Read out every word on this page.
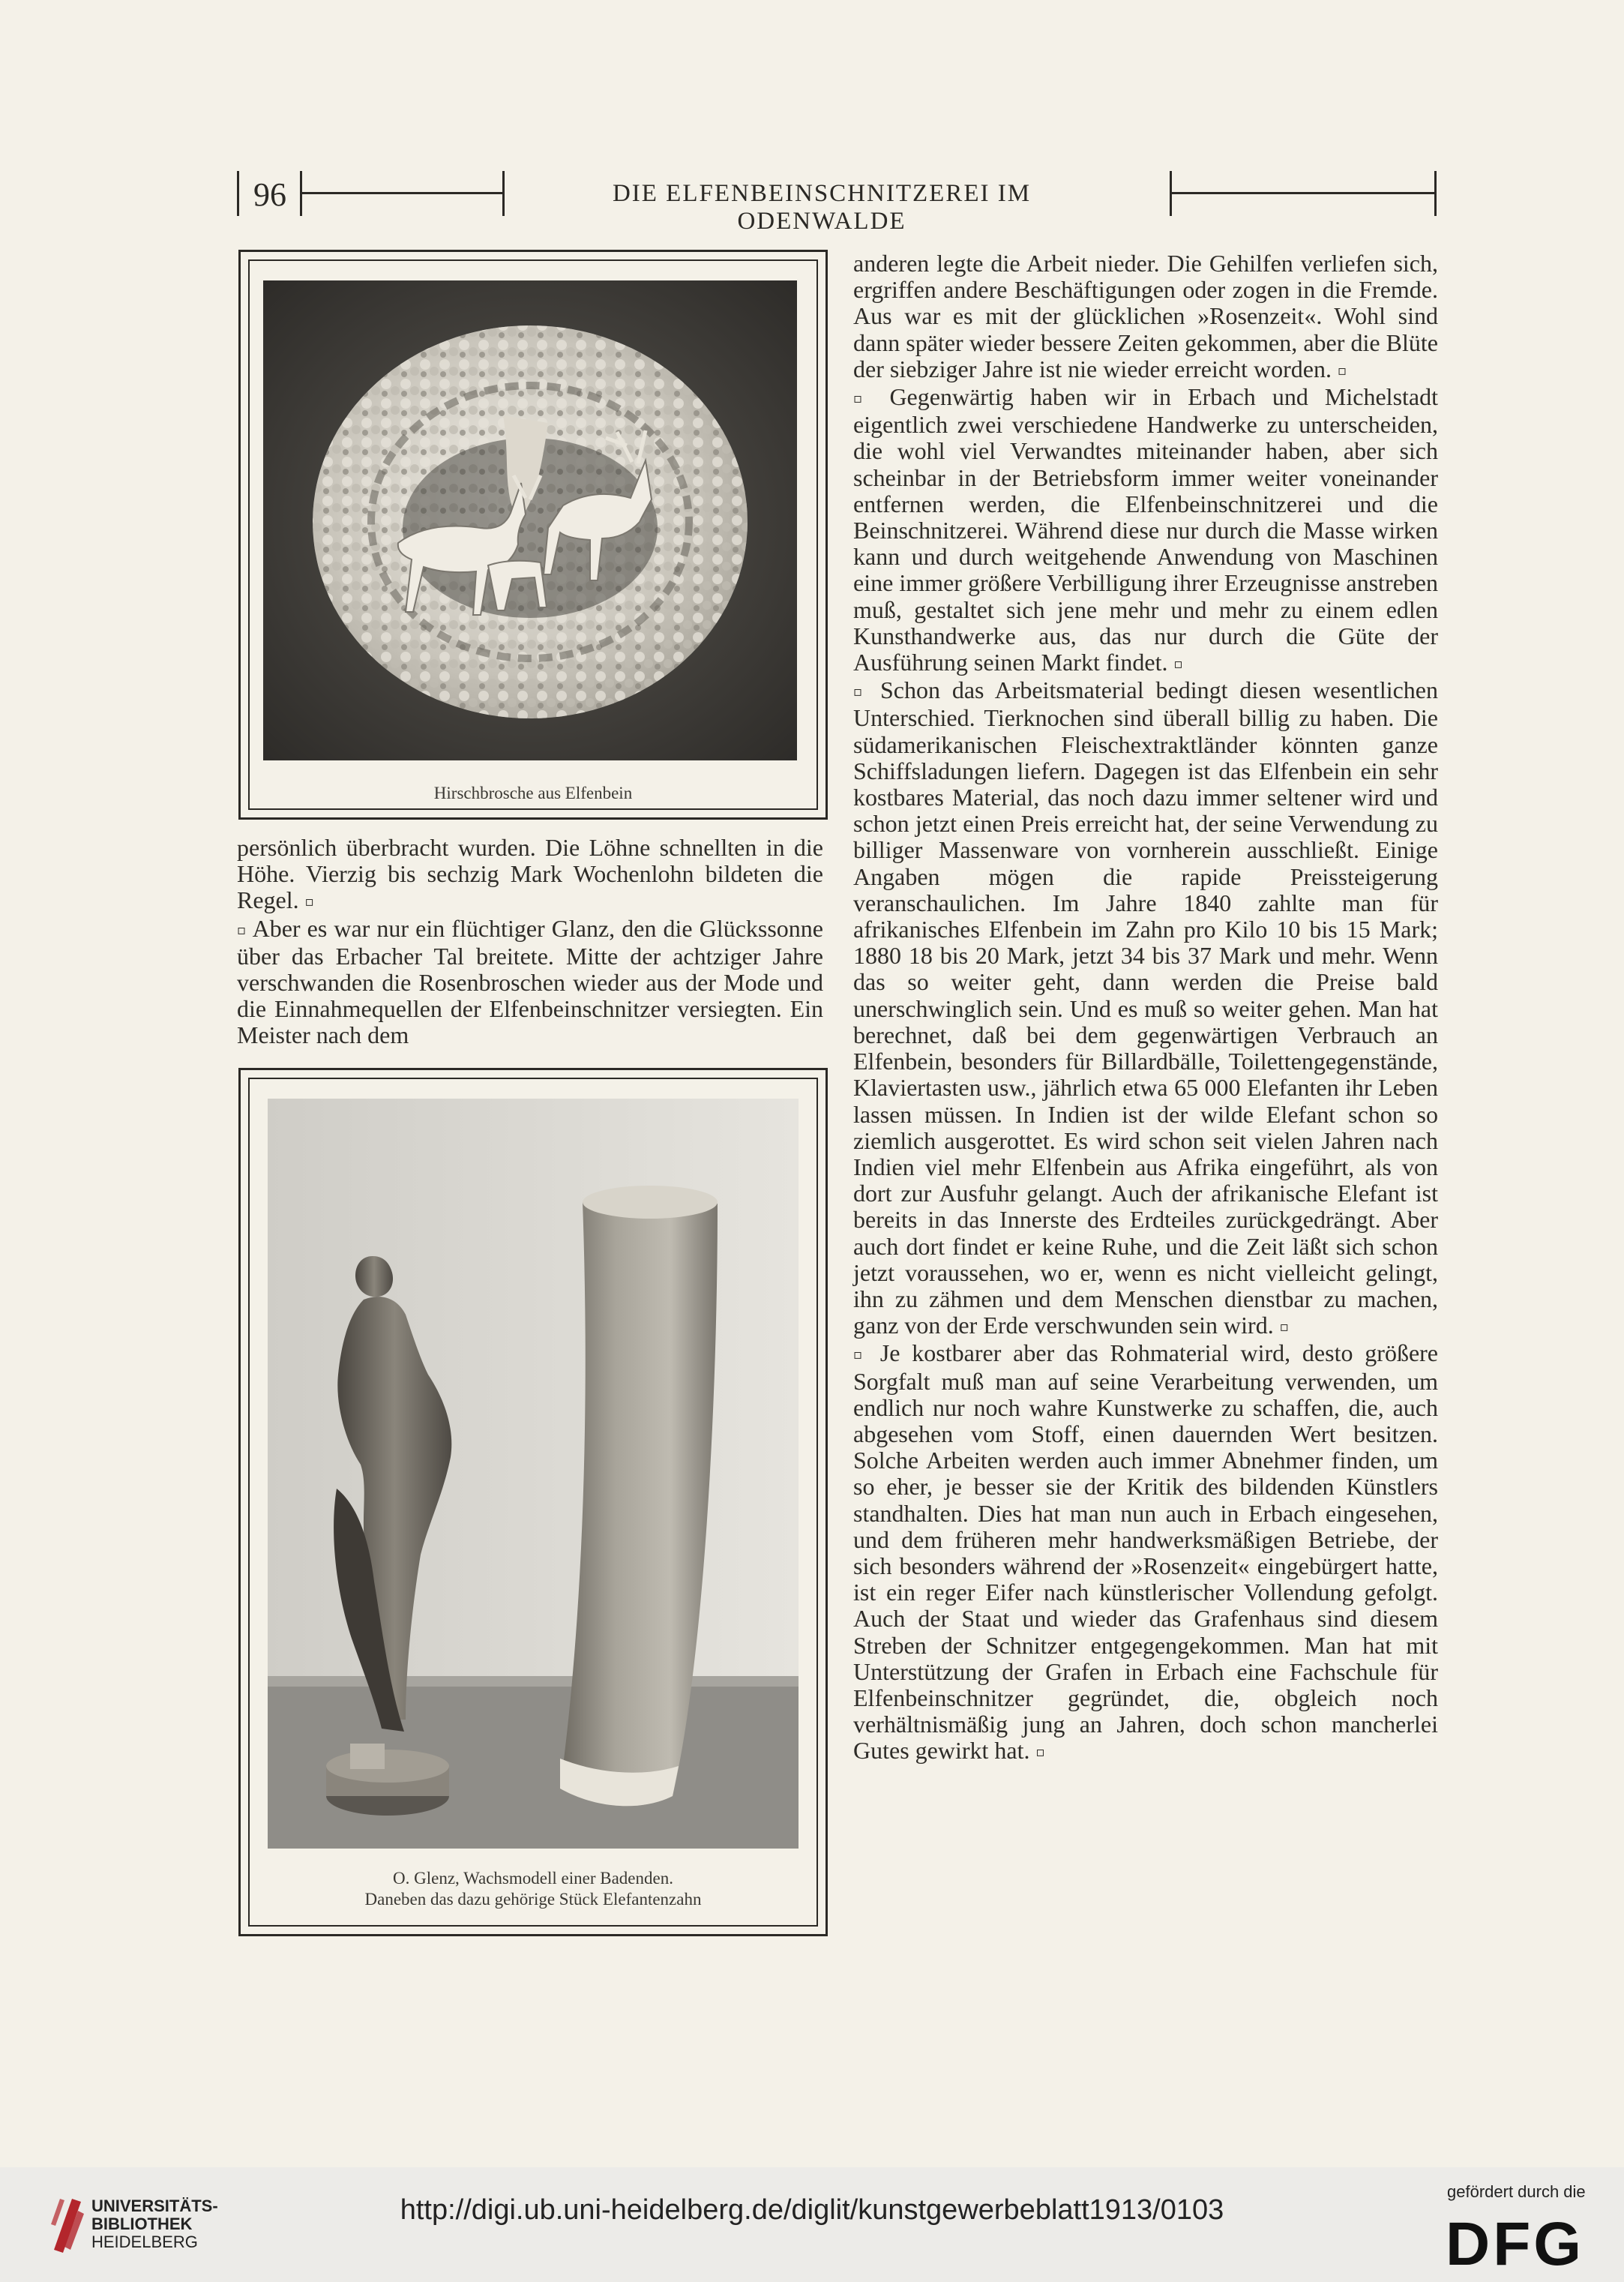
96	DIE ELFENBEINSCHNITZEREI IM ODENWALDE
Hirschbrosche aus Elfenbein

persönlich überbracht wurden. Die Löhne schnellten in die Höhe. Vierzig bis sechzig Mark Wochenlohn bildeten die Regel. ▫

▫ Aber es war nur ein flüchtiger Glanz, den die Glückssonne über das Erbacher Tal breitete. Mitte der achtziger Jahre verschwanden die Rosenbroschen wieder aus der Mode und die Einnahmequellen der Elfenbeinschnitzer versiegten. Ein Meister nach dem

O. Glenz, Wachsmodell einer Badenden.
Daneben das dazu gehörige Stück Elefantenzahn

anderen legte die Arbeit nieder. Die Gehilfen verliefen sich, ergriffen andere Beschäftigungen oder zogen in die Fremde. Aus war es mit der glücklichen »Rosenzeit«. Wohl sind dann später wieder bessere Zeiten gekommen, aber die Blüte der siebziger Jahre ist nie wieder erreicht worden. ▫

▫ Gegenwärtig haben wir in Erbach und Michelstadt eigentlich zwei verschiedene Handwerke zu unterscheiden, die wohl viel Verwandtes miteinander haben, aber sich scheinbar in der Betriebsform immer weiter voneinander entfernen werden, die Elfenbeinschnitzerei und die Beinschnitzerei. Während diese nur durch die Masse wirken kann und durch weitgehende Anwendung von Maschinen eine immer größere Verbilligung ihrer Erzeugnisse anstreben muß, gestaltet sich jene mehr und mehr zu einem edlen Kunsthandwerke aus, das nur durch die Güte der Ausführung seinen Markt findet. ▫

▫ Schon das Arbeitsmaterial bedingt diesen wesentlichen Unterschied. Tierknochen sind überall billig zu haben. Die südamerikanischen Fleischextraktländer könnten ganze Schiffsladungen liefern. Dagegen ist das Elfenbein ein sehr kostbares Material, das noch dazu immer seltener wird und schon jetzt einen Preis erreicht hat, der seine Verwendung zu billiger Massenware von vornherein ausschließt. Einige Angaben mögen die rapide Preissteigerung veranschaulichen. Im Jahre 1840 zahlte man für afrikanisches Elfenbein im Zahn pro Kilo 10 bis 15 Mark; 1880 18 bis 20 Mark, jetzt 34 bis 37 Mark und mehr. Wenn das so weiter geht, dann werden die Preise bald unerschwinglich sein. Und es muß so weiter gehen. Man hat berechnet, daß bei dem gegenwärtigen Verbrauch an Elfenbein, besonders für Billardbälle, Toilettengegenstände, Klaviertasten usw., jährlich etwa 65 000 Elefanten ihr Leben lassen müssen. In Indien ist der wilde Elefant schon so ziemlich ausgerottet. Es wird schon seit vielen Jahren nach Indien viel mehr Elfenbein aus Afrika eingeführt, als von dort zur Ausfuhr gelangt. Auch der afrikanische Elefant ist bereits in das Innerste des Erdteiles zurückgedrängt. Aber auch dort findet er keine Ruhe, und die Zeit läßt sich schon jetzt voraussehen, wo er, wenn es nicht vielleicht gelingt, ihn zu zähmen und dem Menschen dienstbar zu machen, ganz von der Erde verschwunden sein wird. ▫

▫ Je kostbarer aber das Rohmaterial wird, desto größere Sorgfalt muß man auf seine Verarbeitung verwenden, um endlich nur noch wahre Kunstwerke zu schaffen, die, auch abgesehen vom Stoff, einen dauernden Wert besitzen. Solche Arbeiten werden auch immer Abnehmer finden, um so eher, je besser sie der Kritik des bildenden Künstlers standhalten. Dies hat man nun auch in Erbach eingesehen, und dem früheren mehr handwerksmäßigen Betriebe, der sich besonders während der »Rosenzeit« eingebürgert hatte, ist ein reger Eifer nach künstlerischer Vollendung gefolgt. Auch der Staat und wieder das Grafenhaus sind diesem Streben der Schnitzer entgegengekommen. Man hat mit Unterstützung der Grafen in Erbach eine Fachschule für Elfenbeinschnitzer gegründet, die, obgleich noch verhältnismäßig jung an Jahren, doch schon mancherlei Gutes gewirkt hat. ▫

UNIVERSITÄTS-
BIBLIOTHEK
HEIDELBERG
http://digi.ub.uni-heidelberg.de/diglit/kunstgewerbeblatt1913/0103
gefördert durch die
DFG
